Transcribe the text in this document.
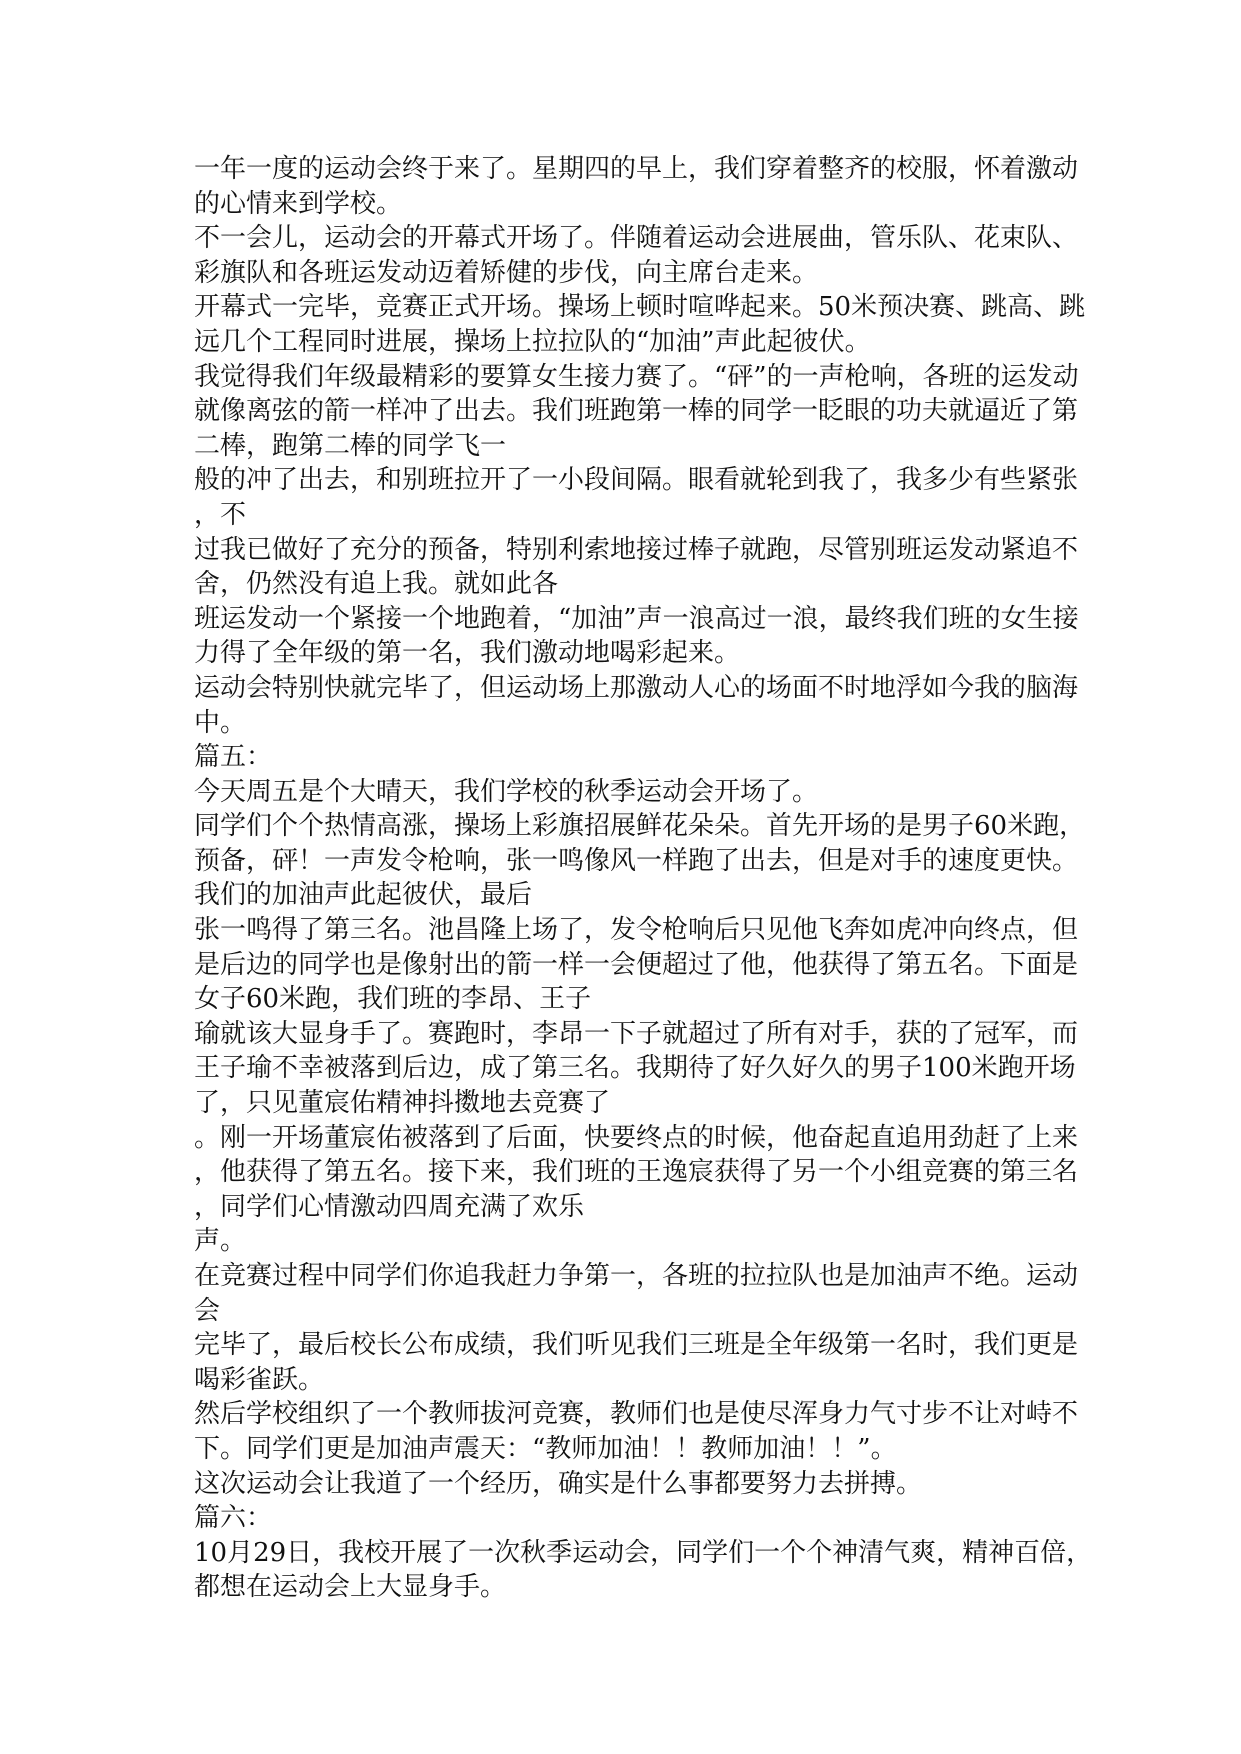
一年一度的运动会终于来了。星期四的早上，我们穿着整齐的校服，怀着激动
的心情来到学校。
不一会儿，运动会的开幕式开场了。伴随着运动会进展曲，管乐队、花束队、
彩旗队和各班运发动迈着矫健的步伐，向主席台走来。
开幕式一完毕，竞赛正式开场。操场上顿时喧哗起来。50米预决赛、跳高、跳
远几个工程同时进展，操场上拉拉队的“加油”声此起彼伏。
我觉得我们年级最精彩的要算女生接力赛了。“砰”的一声枪响，各班的运发动
就像离弦的箭一样冲了出去。我们班跑第一棒的同学一眨眼的功夫就逼近了第
二棒，跑第二棒的同学飞一
般的冲了出去，和别班拉开了一小段间隔。眼看就轮到我了，我多少有些紧张
，不
过我已做好了充分的预备，特别利索地接过棒子就跑，尽管别班运发动紧追不
舍，仍然没有追上我。就如此各
班运发动一个紧接一个地跑着，“加油”声一浪高过一浪，最终我们班的女生接
力得了全年级的第一名，我们激动地喝彩起来。
运动会特别快就完毕了，但运动场上那激动人心的场面不时地浮如今我的脑海
中。
篇五：
今天周五是个大晴天，我们学校的秋季运动会开场了。
同学们个个热情高涨，操场上彩旗招展鲜花朵朵。首先开场的是男子60米跑，
预备，砰！一声发令枪响，张一鸣像风一样跑了出去，但是对手的速度更快。
我们的加油声此起彼伏，最后
张一鸣得了第三名。池昌隆上场了，发令枪响后只见他飞奔如虎冲向终点，但
是后边的同学也是像射出的箭一样一会便超过了他，他获得了第五名。下面是
女子60米跑，我们班的李昂、王子
瑜就该大显身手了。赛跑时，李昂一下子就超过了所有对手，获的了冠军，而
王子瑜不幸被落到后边，成了第三名。我期待了好久好久的男子100米跑开场
了，只见董宸佑精神抖擞地去竞赛了
。刚一开场董宸佑被落到了后面，快要终点的时候，他奋起直追用劲赶了上来
，他获得了第五名。接下来，我们班的王逸宸获得了另一个小组竞赛的第三名
，同学们心情激动四周充满了欢乐
声。
在竞赛过程中同学们你追我赶力争第一，各班的拉拉队也是加油声不绝。运动
会
完毕了，最后校长公布成绩，我们听见我们三班是全年级第一名时，我们更是
喝彩雀跃。
然后学校组织了一个教师拔河竞赛，教师们也是使尽浑身力气寸步不让对峙不
下。同学们更是加油声震天：“教师加油！！教师加油！！”。
这次运动会让我道了一个经历，确实是什么事都要努力去拼搏。
篇六：
10月29日，我校开展了一次秋季运动会，同学们一个个神清气爽，精神百倍，
都想在运动会上大显身手。
